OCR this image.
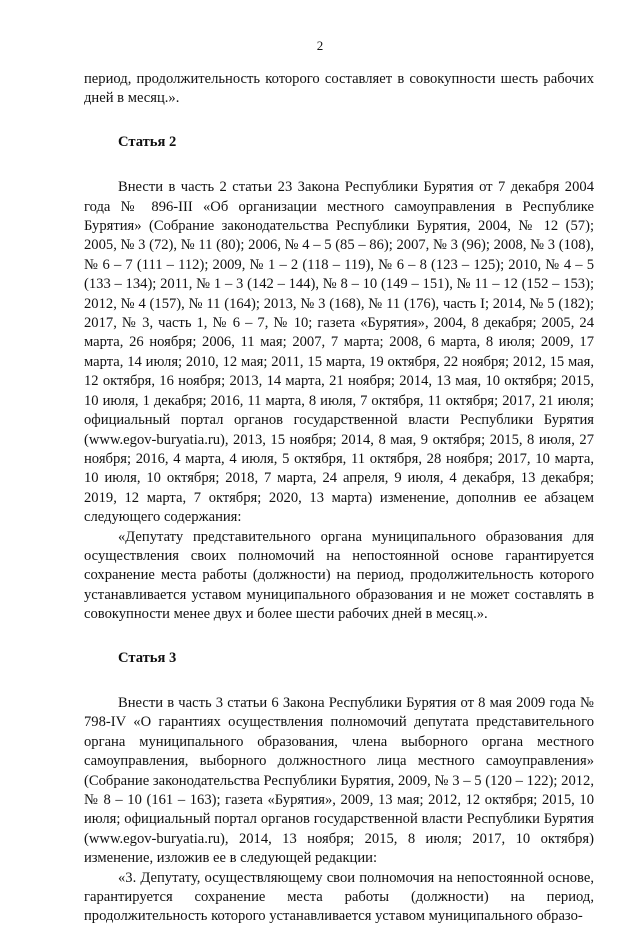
2

период, продолжительность которого составляет в совокупности шесть рабочих дней в месяц.».

Статья 2

Внести в часть 2 статьи 23 Закона Республики Бурятия от 7 декабря 2004 года № 896-III «Об организации местного самоуправления в Республике Бурятия» (Собрание законодательства Республики Бурятия, 2004, № 12 (57); 2005, № 3 (72), № 11 (80); 2006, № 4 – 5 (85 – 86); 2007, № 3 (96); 2008, № 3 (108), № 6 – 7 (111 – 112); 2009, № 1 – 2 (118 – 119), № 6 – 8 (123 – 125); 2010, № 4 – 5 (133 – 134); 2011, № 1 – 3 (142 – 144), № 8 – 10 (149 – 151), № 11 – 12 (152 – 153); 2012, № 4 (157), № 11 (164); 2013, № 3 (168), № 11 (176), часть I; 2014, № 5 (182); 2017, № 3, часть 1, № 6 – 7, № 10; газета «Бурятия», 2004, 8 декабря; 2005, 24 марта, 26 ноября; 2006, 11 мая; 2007, 7 марта; 2008, 6 марта, 8 июля; 2009, 17 марта, 14 июля; 2010, 12 мая; 2011, 15 марта, 19 октября, 22 ноября; 2012, 15 мая, 12 октября, 16 ноября; 2013, 14 марта, 21 ноября; 2014, 13 мая, 10 октября; 2015, 10 июля, 1 декабря; 2016, 11 марта, 8 июля, 7 октября, 11 октября; 2017, 21 июля; официальный портал органов государственной власти Республики Бурятия (www.egov-buryatia.ru), 2013, 15 ноября; 2014, 8 мая, 9 октября; 2015, 8 июля, 27 ноября; 2016, 4 марта, 4 июля, 5 октября, 11 октября, 28 ноября; 2017, 10 марта, 10 июля, 10 октября; 2018, 7 марта, 24 апреля, 9 июля, 4 декабря, 13 декабря; 2019, 12 марта, 7 октября; 2020, 13 марта) изменение, дополнив ее абзацем следующего содержания:

«Депутату представительного органа муниципального образования для осуществления своих полномочий на непостоянной основе гарантируется сохранение места работы (должности) на период, продолжительность которого устанавливается уставом муниципального образования и не может составлять в совокупности менее двух и более шести рабочих дней в месяц.».

Статья 3

Внести в часть 3 статьи 6 Закона Республики Бурятия от 8 мая 2009 года № 798-IV «О гарантиях осуществления полномочий депутата представительного органа муниципального образования, члена выборного органа местного самоуправления, выборного должностного лица местного самоуправления» (Собрание законодательства Республики Бурятия, 2009, № 3 – 5 (120 – 122); 2012, № 8 – 10 (161 – 163); газета «Бурятия», 2009, 13 мая; 2012, 12 октября; 2015, 10 июля; официальный портал органов государственной власти Республики Бурятия (www.egov-buryatia.ru), 2014, 13 ноября; 2015, 8 июля; 2017, 10 октября) изменение, изложив ее в следующей редакции:

«3. Депутату, осуществляющему свои полномочия на непостоянной основе, гарантируется сохранение места работы (должности) на период, продолжительность которого устанавливается уставом муниципального образо-
